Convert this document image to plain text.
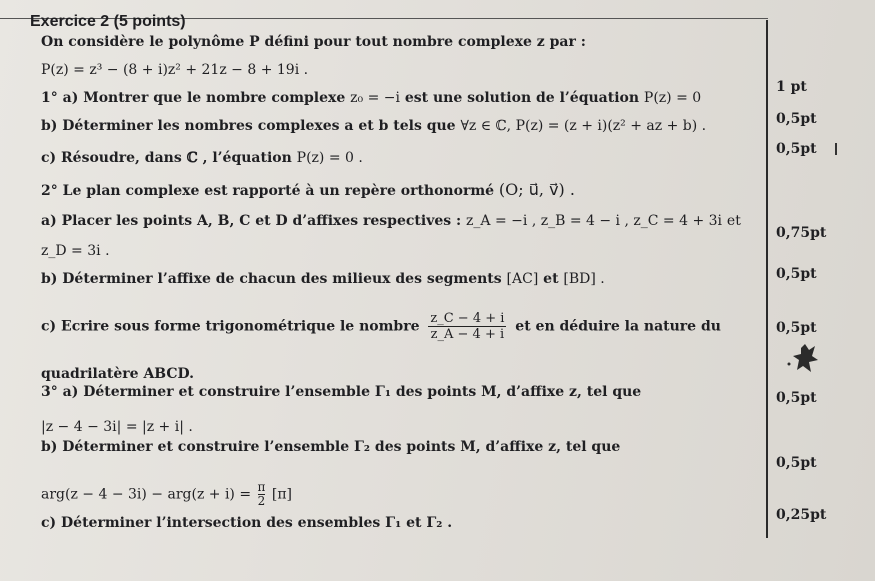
Exercice 2 (5 points)
On considère le polynôme P défini pour tout nombre complexe z par :
P(z) = z³ − (8 + i)z² + 21z − 8 + 19i .
1° a) Montrer que le nombre complexe z₀ = −i est une solution de l’équation P(z) = 0
b) Déterminer les nombres complexes a et b tels que ∀z ∈ ℂ, P(z) = (z + i)(z² + az + b) .
c) Résoudre, dans ℂ , l’équation P(z) = 0 .
2° Le plan complexe est rapporté à un repère orthonormé (O; u⃗, v⃗) .
a) Placer les points A, B, C et D d’affixes respectives : z_A = −i , z_B = 4 − i , z_C = 4 + 3i et
z_D = 3i .
b) Déterminer l’affixe de chacun des milieux des segments [AC] et [BD] .
c) Ecrire sous forme trigonométrique le nombre $\frac{z\_C - 4 + i}{z\_A - 4 + i}$ et en déduire la nature du
quadrilatère ABCD.
3° a) Déterminer et construire l’ensemble Γ₁ des points M, d’affixe z, tel que
|z − 4 − 3i| = |z + i| .
b) Déterminer et construire l’ensemble Γ₂ des points M, d’affixe z, tel que
$arg(z - 4 - 3i) - arg(z + i) = \frac{\pi}{2} [\pi]$
c) Déterminer l’intersection des ensembles Γ₁ et Γ₂ .
1 pt
0,5pt
0,5pt
0,75pt
0,5pt
0,5pt
0,5pt
0,5pt
0,25pt
